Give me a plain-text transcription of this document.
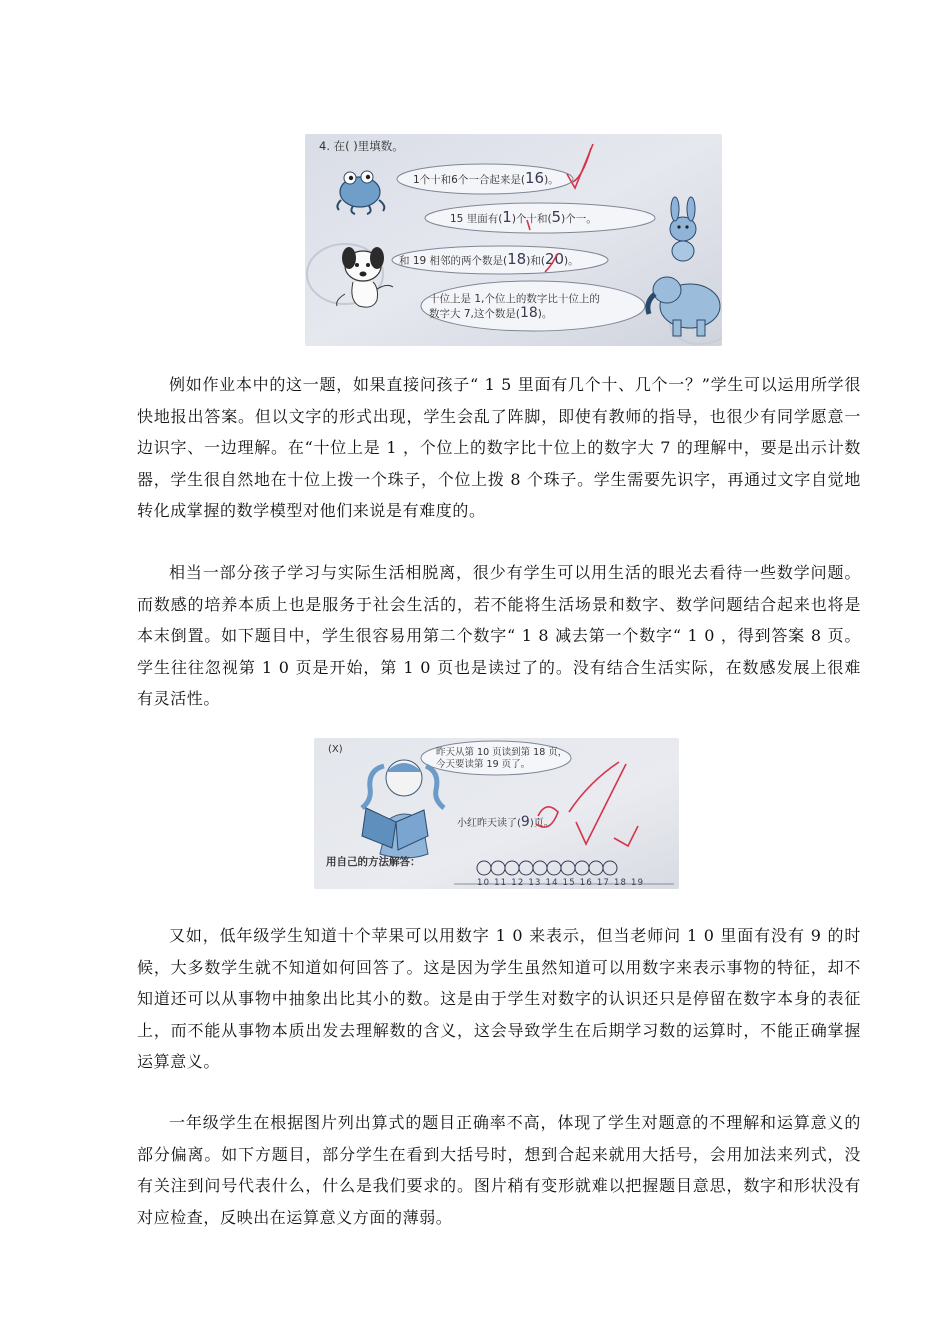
4. 在( )里填数。
1个十和6个一合起来是(16)。
15 里面有(1)个十和(5)个一。
和 19 相邻的两个数是(18)和(20)。
十位上是 1,个位上的数字比十位上的
数字大 7,这个数是(18)。

例如作业本中的这一题，如果直接问孩子“ 1 5 里面有几个十、几个一？”学生可以运用所学很快地报出答案。但以文字的形式出现，学生会乱了阵脚，即使有教师的指导，也很少有同学愿意一边识字、一边理解。在“十位上是 1 ，个位上的数字比十位上的数字大 7 的理解中，要是出示计数器，学生很自然地在十位上拨一个珠子，个位上拨 8 个珠子。学生需要先识字，再通过文字自觉地转化成掌握的数学模型对他们来说是有难度的。

相当一部分孩子学习与实际生活相脱离，很少有学生可以用生活的眼光去看待一些数学问题。而数感的培养本质上也是服务于社会生活的，若不能将生活场景和数字、数学问题结合起来也将是本末倒置。如下题目中，学生很容易用第二个数字“ 1 8 减去第一个数字“ 1 0 ，得到答案 8 页。学生往往忽视第 1 0 页是开始，第 1 0 页也是读过了的。没有结合生活实际，在数感发展上很难有灵活性。

(X)	昨天从第 10 页读到第 18 页，
今天要读第 19 页了。
小红昨天读了(9)页。
用自己的方法解答：
10 11 12 13 14 15 16 17 18 19

又如，低年级学生知道十个苹果可以用数字 1 0 来表示，但当老师问 1 0 里面有没有 9 的时候，大多数学生就不知道如何回答了。这是因为学生虽然知道可以用数字来表示事物的特征，却不知道还可以从事物中抽象出比其小的数。这是由于学生对数字的认识还只是停留在数字本身的表征上，而不能从事物本质出发去理解数的含义，这会导致学生在后期学习数的运算时，不能正确掌握运算意义。

一年级学生在根据图片列出算式的题目正确率不高，体现了学生对题意的不理解和运算意义的部分偏离。如下方题目，部分学生在看到大括号时，想到合起来就用大括号，会用加法来列式，没有关注到问号代表什么，什么是我们要求的。图片稍有变形就难以把握题目意思，数字和形状没有对应检查，反映出在运算意义方面的薄弱。
